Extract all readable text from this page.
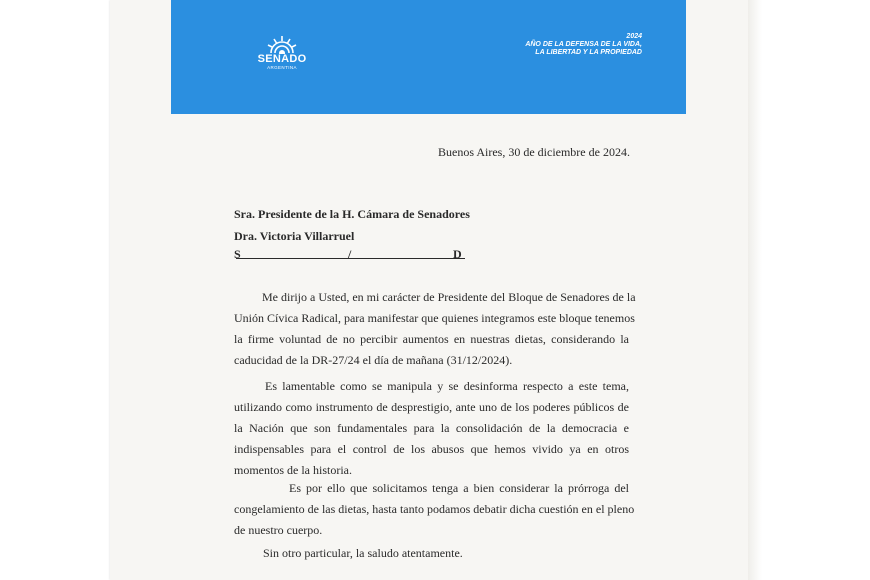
SENADO
ARGENTINA
2024
AÑO DE LA DEFENSA DE LA VIDA,
LA LIBERTAD Y LA PROPIEDAD
Buenos Aires, 30 de diciembre de 2024.
Sra. Presidente de la H. Cámara de Senadores
Dra. Victoria Villarruel
S	/	D
Me dirijo a Usted, en mi carácter de Presidente del Bloque de Senadores de la
Unión Cívica Radical, para manifestar que quienes integramos este bloque tenemos
la firme voluntad de no percibir aumentos en nuestras dietas, considerando la
caducidad de la DR-27/24 el día de mañana (31/12/2024).
Es lamentable como se manipula y se desinforma respecto a este tema,
utilizando como instrumento de desprestigio, ante uno de los poderes públicos de
la Nación que son fundamentales para la consolidación de la democracia e
indispensables para el control de los abusos que hemos vivido ya en otros
momentos de la historia.
Es por ello que solicitamos tenga a bien considerar la prórroga del
congelamiento de las dietas, hasta tanto podamos debatir dicha cuestión en el pleno
de nuestro cuerpo.
Sin otro particular, la saludo atentamente.
